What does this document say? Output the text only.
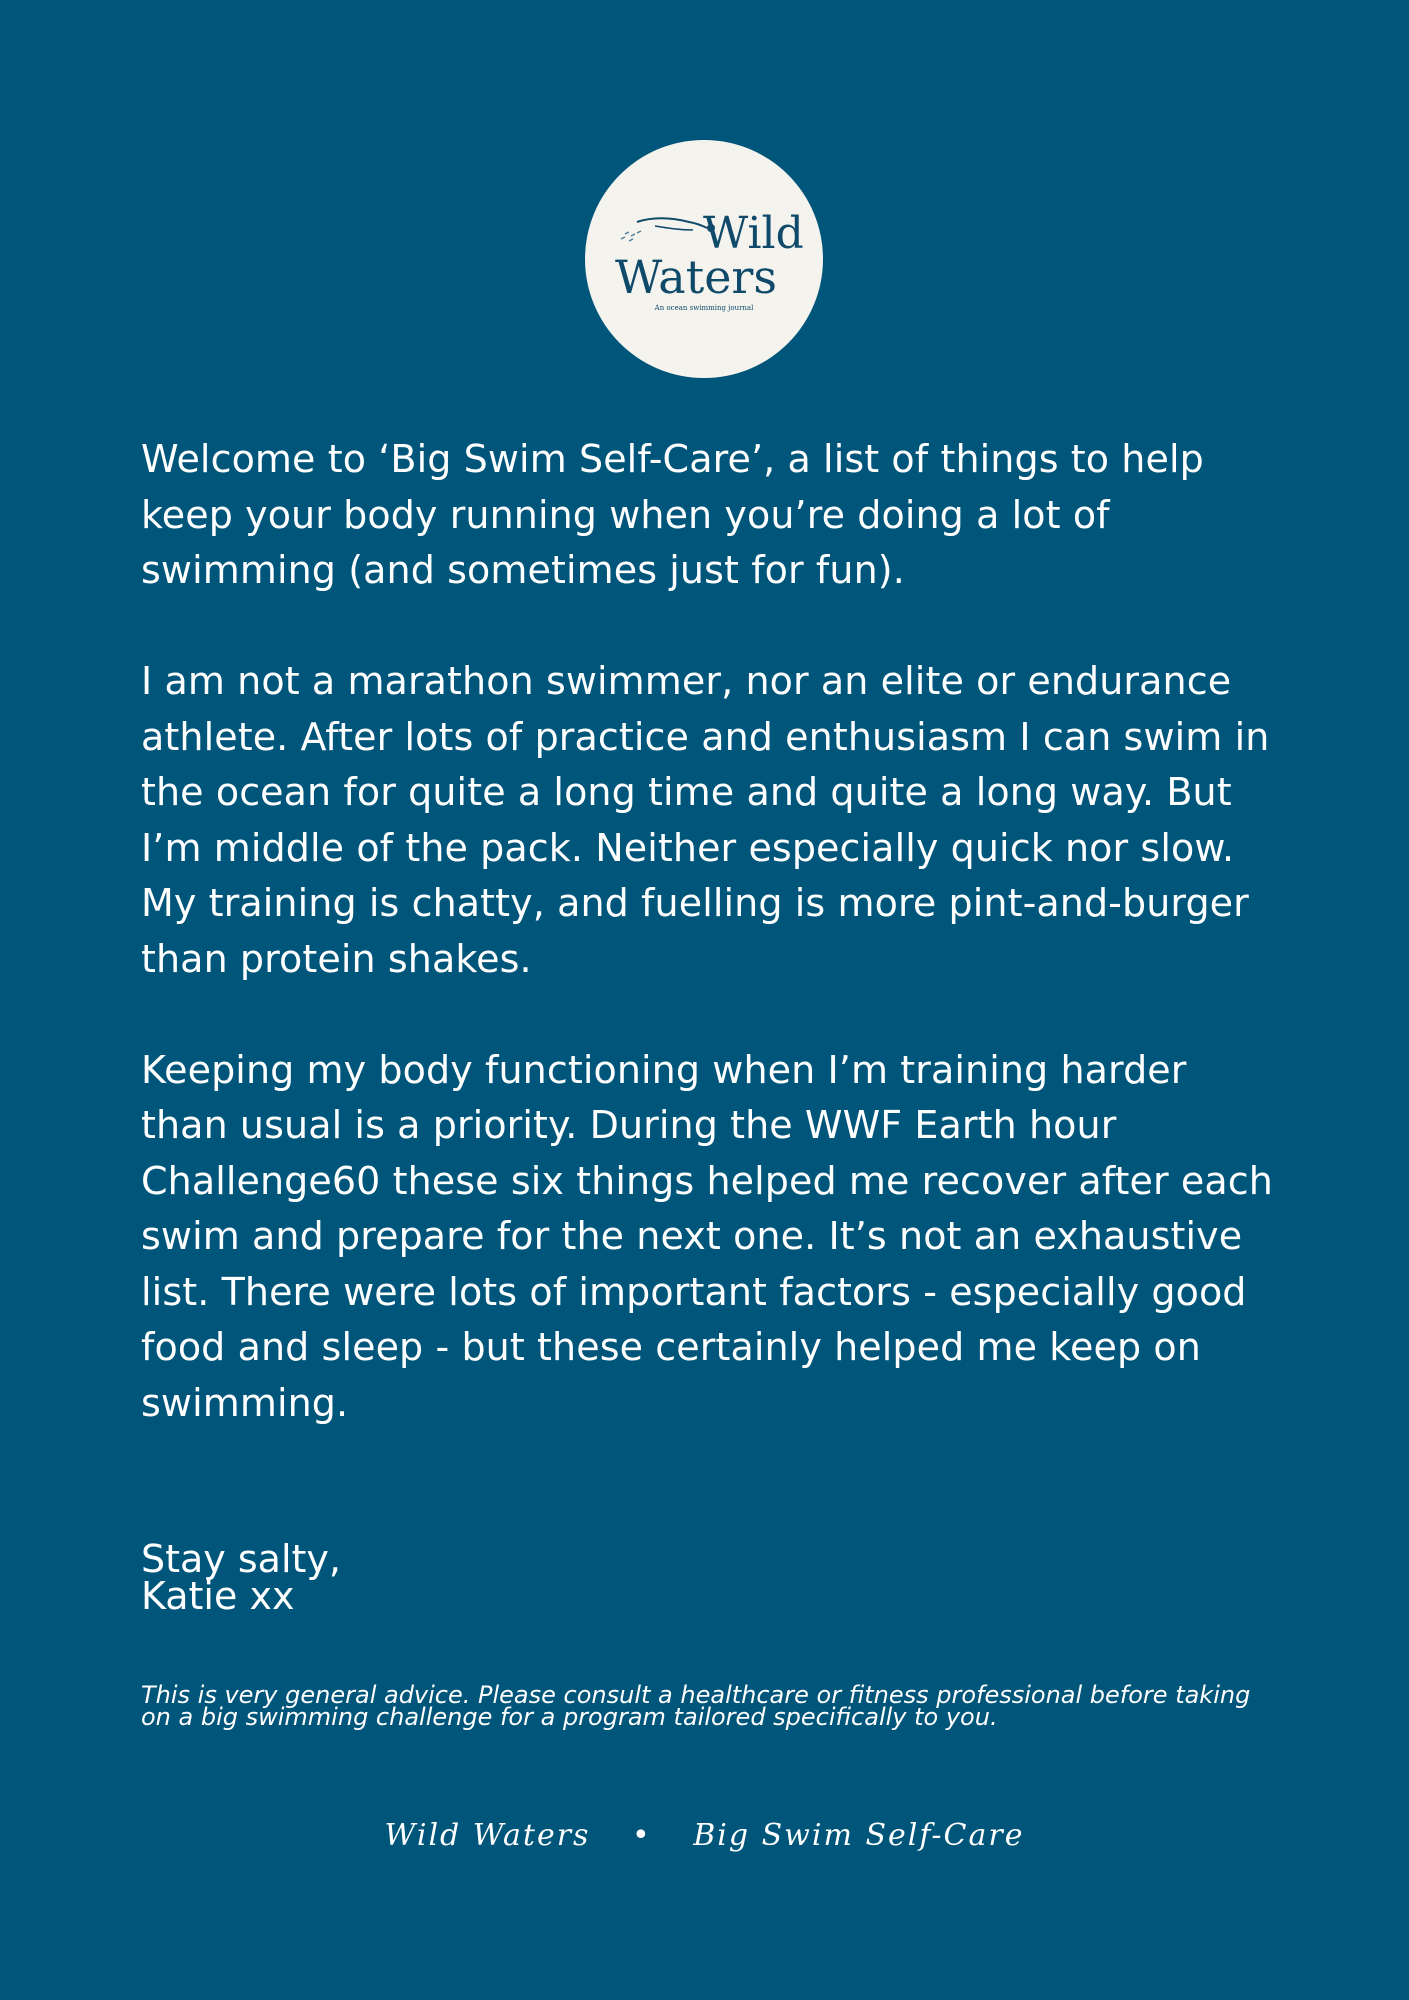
Wild
Waters
An ocean swimming journal

Welcome to ‘Big Swim Self-Care’, a list of things to help keep your body running when you’re doing a lot of swimming (and sometimes just for fun).

I am not a marathon swimmer, nor an elite or endurance athlete. After lots of practice and enthusiasm I can swim in the ocean for quite a long time and quite a long way. But I’m middle of the pack. Neither especially quick nor slow. My training is chatty, and fuelling is more pint-and-burger than protein shakes.

Keeping my body functioning when I’m training harder than usual is a priority. During the WWF Earth hour Challenge60 these six things helped me recover after each swim and prepare for the next one. It’s not an exhaustive list. There were lots of important factors - especially good food and sleep - but these certainly helped me keep on swimming.

Stay salty,
Katie xx
This is very general advice. Please consult a healthcare or fitness professional before taking on a big swimming challenge for a program tailored specifically to you.
Wild Waters • Big Swim Self-Care
